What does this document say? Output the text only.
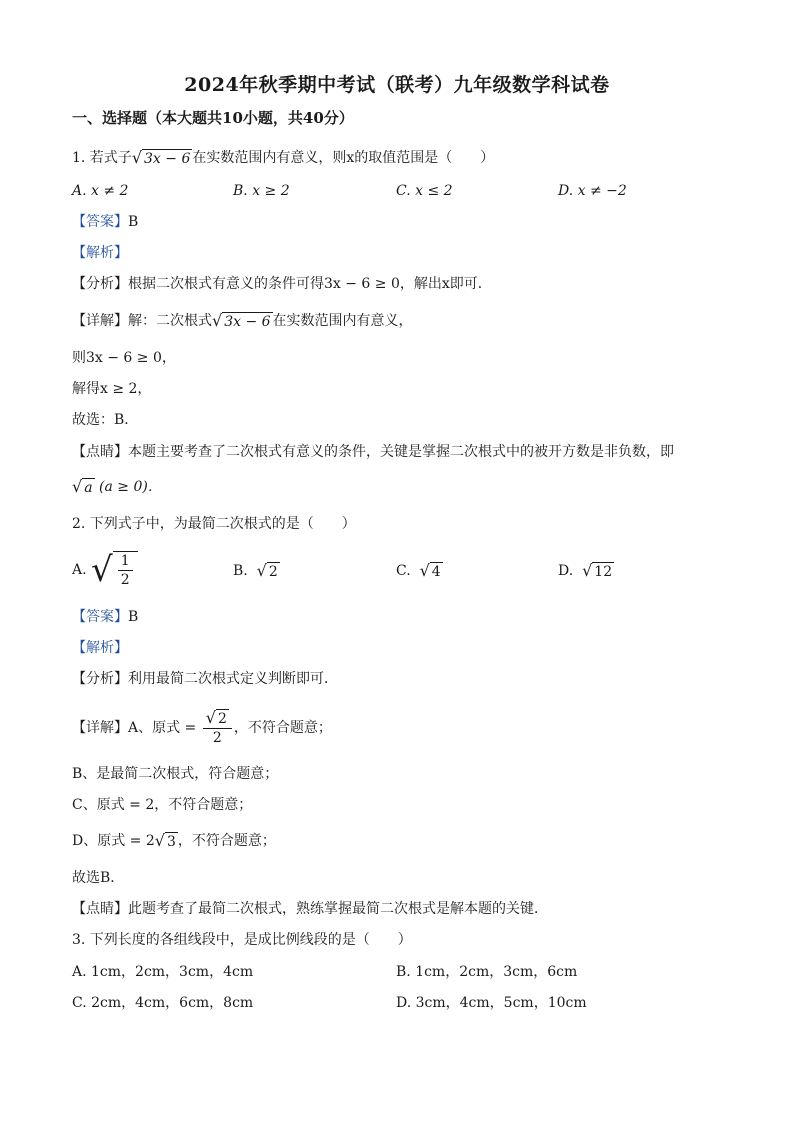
2024年秋季期中考试（联考）九年级数学科试卷
一、选择题（本大题共10小题，共40分）
1. 若式子 √ 3x − 6 在实数范围内有意义，则x的取值范围是（　　）
A. x ≠ 2	B. x ≥ 2	C. x ≤ 2	D. x ≠ −2
【答案】B
【解析】
【分析】根据二次根式有意义的条件可得3x − 6 ≥ 0，解出x即可．
【详解】解：二次根式 √ 3x − 6 在实数范围内有意义，
则3x − 6 ≥ 0，
解得x ≥ 2，
故选：B．
【点睛】本题主要考查了二次根式有意义的条件，关键是掌握二次根式中的被开方数是非负数，即
√ a (a ≥ 0)．
2. 下列式子中，为最简二次根式的是（　　）
A. √ $\frac{1}{2}$	B. √ 2	C. √ 4	D. √ 12
【答案】B
【解析】
【分析】利用最简二次根式定义判断即可．
【详解】A、原式 = $\frac{√ 2}{2}$ ，不符合题意；
B、是最简二次根式，符合题意；
C、原式 = 2，不符合题意；
D、原式 = 2 √ 3 ，不符合题意；
故选B．
【点睛】此题考查了最简二次根式，熟练掌握最简二次根式是解本题的关键．
3. 下列长度的各组线段中，是成比例线段的是（　　）
A. 1cm，2cm，3cm，4cm	B. 1cm，2cm，3cm，6cm
C. 2cm，4cm，6cm，8cm	D. 3cm，4cm，5cm，10cm
